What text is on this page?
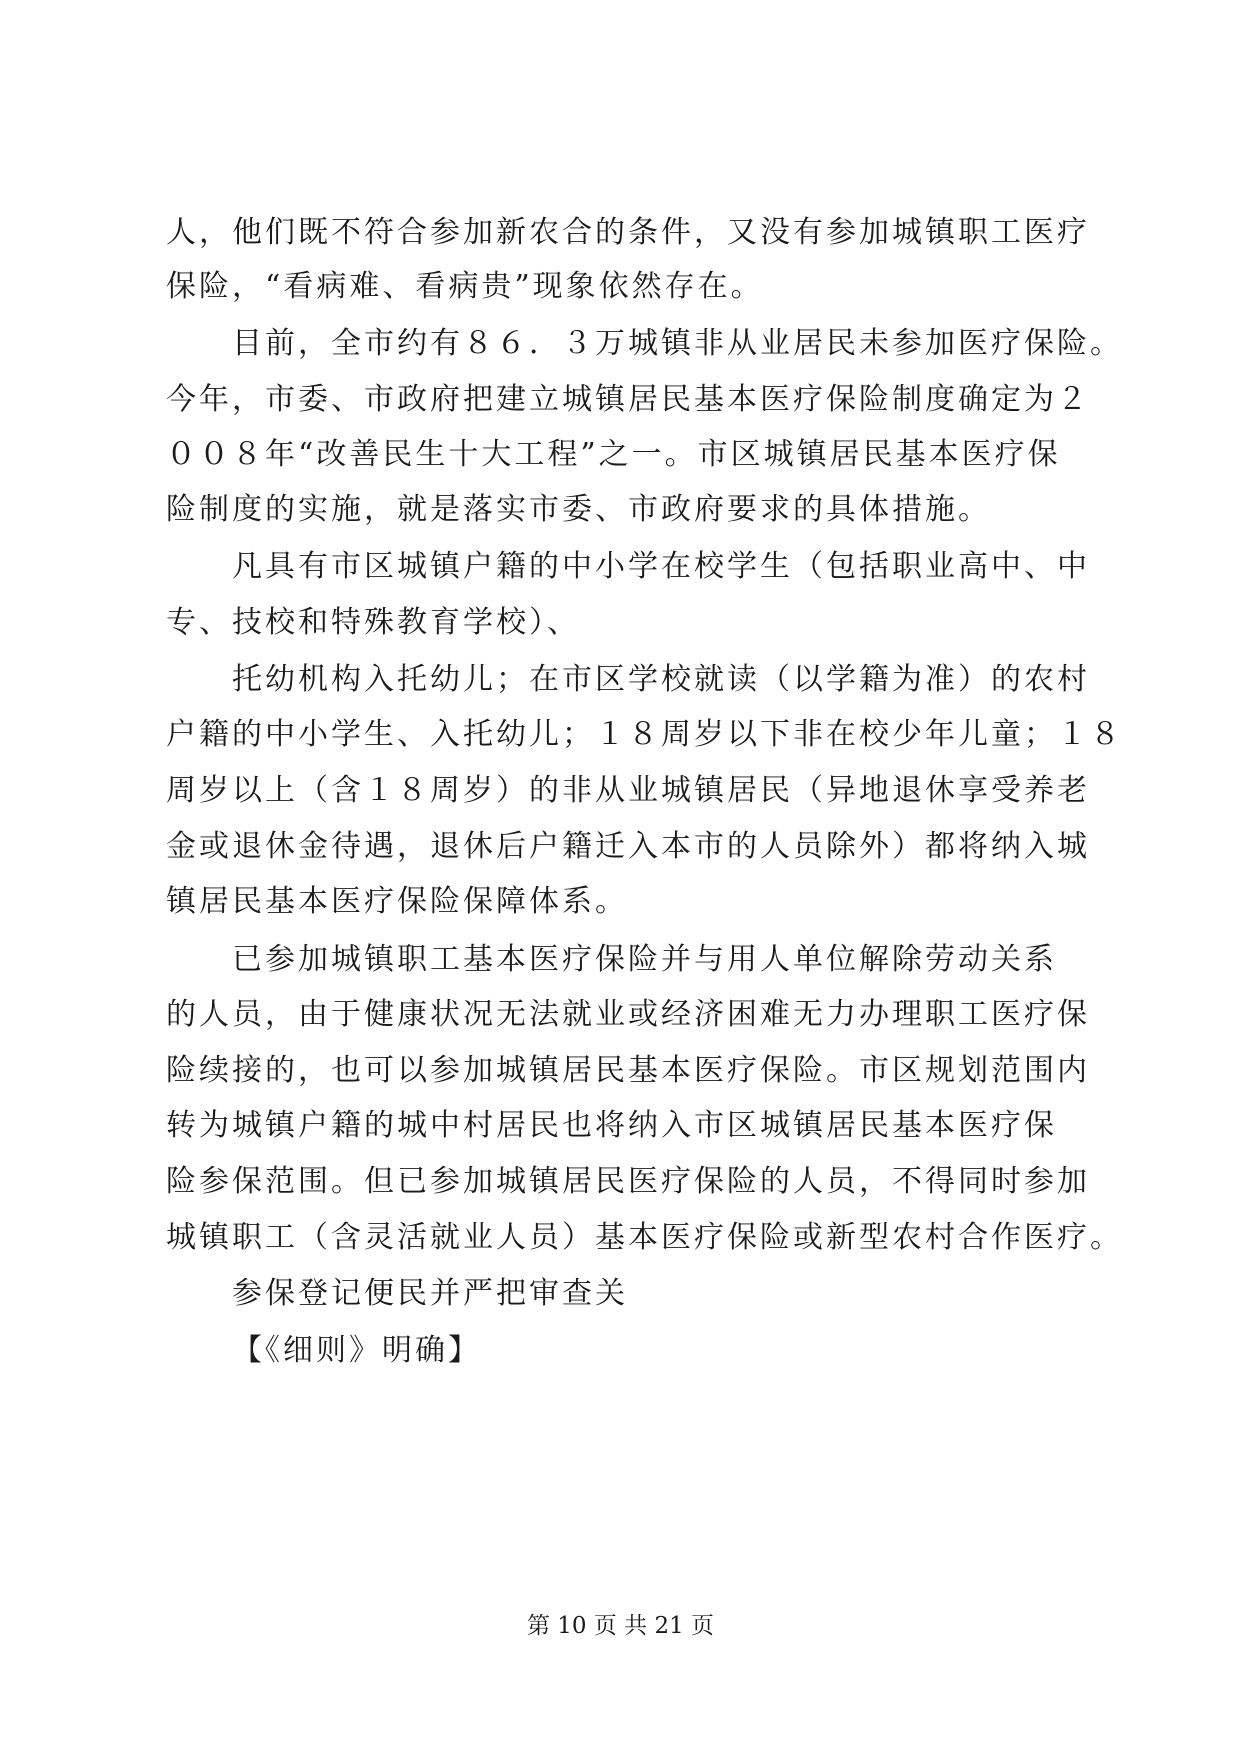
人，他们既不符合参加新农合的条件，又没有参加城镇职工医疗
保险，“看病难、看病贵”现象依然存在。
目前，全市约有８６．３万城镇非从业居民未参加医疗保险。
今年，市委、市政府把建立城镇居民基本医疗保险制度确定为２
００８年“改善民生十大工程”之一。市区城镇居民基本医疗保
险制度的实施，就是落实市委、市政府要求的具体措施。
凡具有市区城镇户籍的中小学在校学生（包括职业高中、中
专、技校和特殊教育学校）、
托幼机构入托幼儿；在市区学校就读（以学籍为准）的农村
户籍的中小学生、入托幼儿；１８周岁以下非在校少年儿童；１８
周岁以上（含１８周岁）的非从业城镇居民（异地退休享受养老
金或退休金待遇，退休后户籍迁入本市的人员除外）都将纳入城
镇居民基本医疗保险保障体系。
已参加城镇职工基本医疗保险并与用人单位解除劳动关系
的人员，由于健康状况无法就业或经济困难无力办理职工医疗保
险续接的，也可以参加城镇居民基本医疗保险。市区规划范围内
转为城镇户籍的城中村居民也将纳入市区城镇居民基本医疗保
险参保范围。但已参加城镇居民医疗保险的人员，不得同时参加
城镇职工（含灵活就业人员）基本医疗保险或新型农村合作医疗。
参保登记便民并严把审查关
【《细则》明确】
第 10 页 共 21 页
